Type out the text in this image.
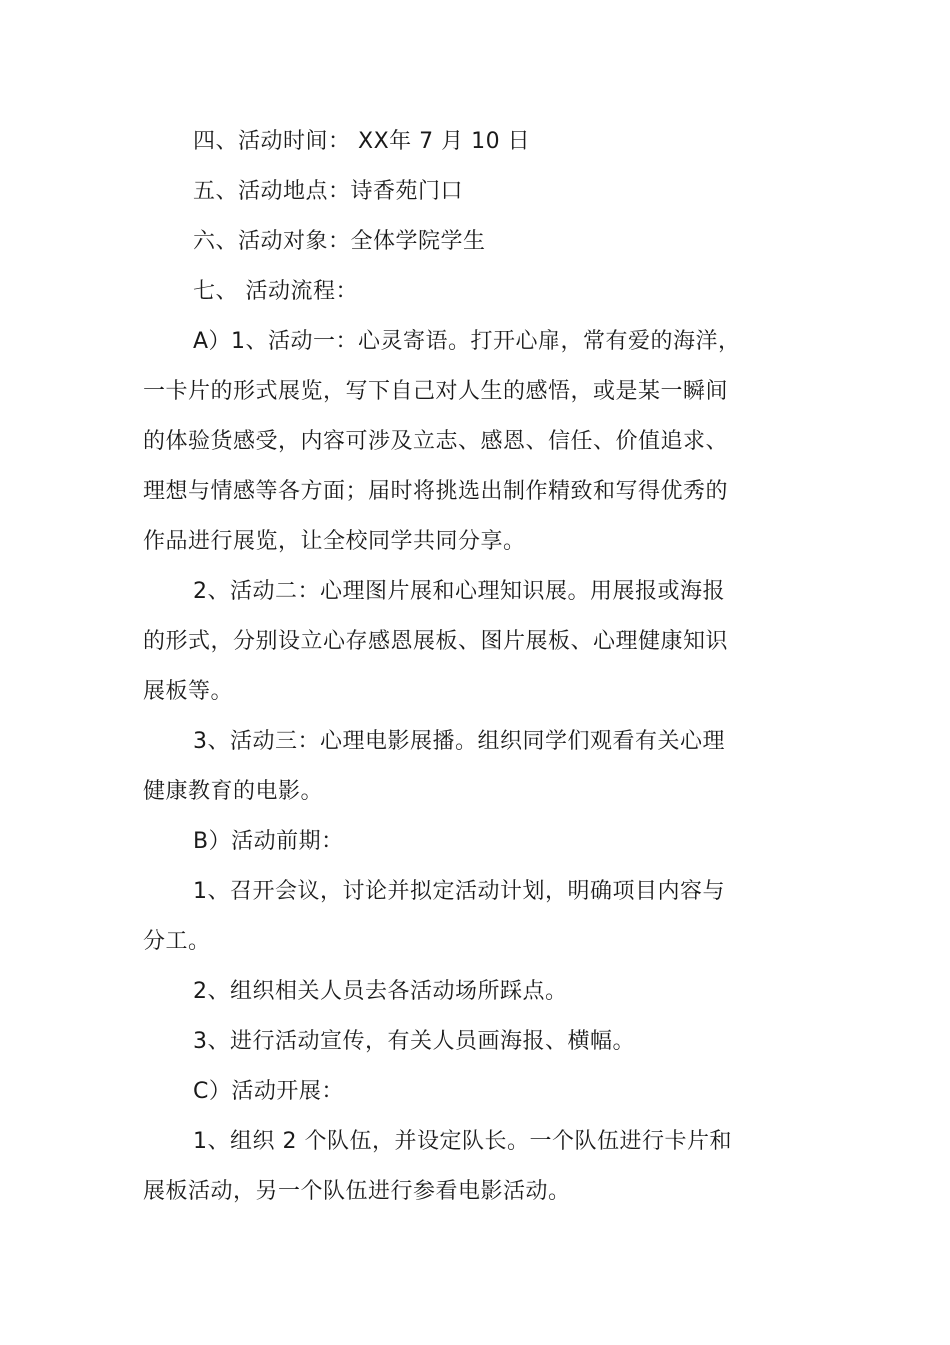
四、活动时间： XX年 7 月 10 日
五、活动地点：诗香苑门口
六、活动对象：全体学院学生
七、 活动流程：
A）1、活动一：心灵寄语。打开心扉，常有爱的海洋，
一卡片的形式展览，写下自己对人生的感悟，或是某一瞬间
的体验货感受，内容可涉及立志、感恩、信任、价值追求、
理想与情感等各方面；届时将挑选出制作精致和写得优秀的
作品进行展览，让全校同学共同分享。
2、活动二：心理图片展和心理知识展。用展报或海报
的形式，分别设立心存感恩展板、图片展板、心理健康知识
展板等。
3、活动三：心理电影展播。组织同学们观看有关心理
健康教育的电影。
B）活动前期：
1、召开会议，讨论并拟定活动计划，明确项目内容与
分工。
2、组织相关人员去各活动场所踩点。
3、进行活动宣传，有关人员画海报、横幅。
C）活动开展：
1、组织 2 个队伍，并设定队长。一个队伍进行卡片和
展板活动，另一个队伍进行参看电影活动。
